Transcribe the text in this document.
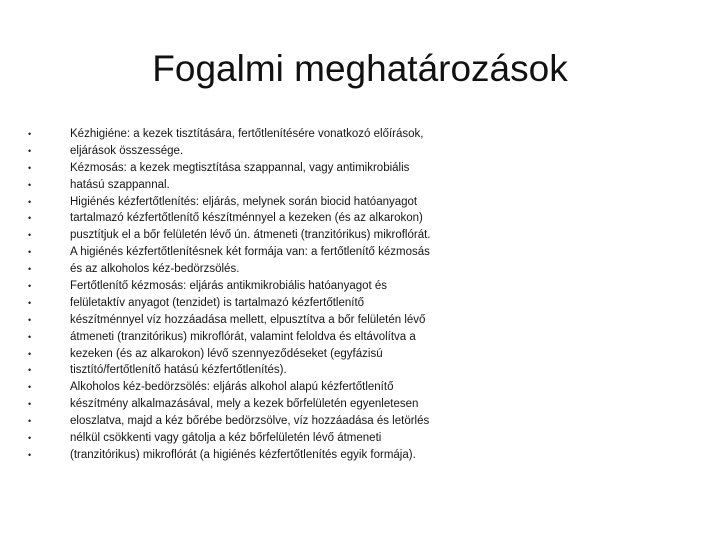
Fogalmi meghatározások
•	Kézhigiéne: a kezek tisztítására, fertőtlenítésére vonatkozó előírások,
•	eljárások összessége.
•	Kézmosás: a kezek megtisztítása szappannal, vagy antimikrobiális
•	hatású szappannal.
•	Higiénés kézfertőtlenítés: eljárás, melynek során biocid hatóanyagot
•	tartalmazó kézfertőtlenítő készítménnyel a kezeken (és az alkarokon)
•	pusztítjuk el a bőr felületén lévő ún. átmeneti (tranzitórikus) mikroflórát.
•	A higiénés kézfertőtlenítésnek két formája van: a fertőtlenítő kézmosás
•	és az alkoholos kéz-bedörzsölés.
•	Fertőtlenítő kézmosás: eljárás antikmikrobiális hatóanyagot és
•	felületaktív anyagot (tenzidet) is tartalmazó kézfertőtlenítő
•	készítménnyel víz hozzáadása mellett, elpusztítva a bőr felületén lévő
•	átmeneti (tranzitórikus) mikroflórát, valamint feloldva és eltávolítva a
•	kezeken (és az alkarokon) lévő szennyeződéseket (egyfázisú
•	tisztító/fertőtlenítő hatású kézfertőtlenítés).
•	Alkoholos kéz-bedörzsölés: eljárás alkohol alapú kézfertőtlenítő
•	készítmény alkalmazásával, mely a kezek bőrfelületén egyenletesen
•	eloszlatva, majd a kéz bőrébe bedörzsölve, víz hozzáadása és letörlés
•	nélkül csökkenti vagy gátolja a kéz bőrfelületén lévő átmeneti
•	(tranzitórikus) mikroflórát (a higiénés kézfertőtlenítés egyik formája).
